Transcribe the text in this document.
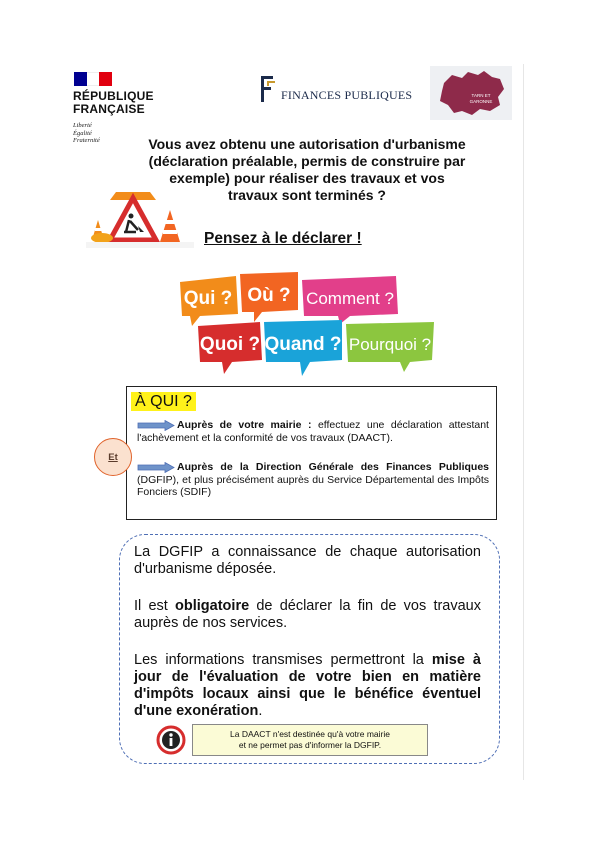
RÉPUBLIQUE
FRANÇAISE
Liberté
Égalité
Fraternité
FINANCES PUBLIQUES	TARN ET
GARONNE
Vous avez obtenu une autorisation d'urbanisme
(déclaration préalable, permis de construire par
exemple) pour réaliser des travaux et vos
travaux sont terminés ?
Pensez à le déclarer !
Qui ? Où ? Comment ?
Quoi ? Quand ? Pourquoi ?
À QUI ?
Auprès de votre mairie : effectuez une déclaration attestant l'achèvement et la conformité de vos travaux (DAACT).
Et
Auprès de la Direction Générale des Finances Publiques (DGFIP), et plus précisément auprès du Service Départemental des Impôts Fonciers (SDIF)
La DGFIP a connaissance de chaque autorisation d'urbanisme déposée.
Il est obligatoire de déclarer la fin de vos travaux auprès de nos services.
Les informations transmises permettront la mise à jour de l'évaluation de votre bien en matière d'impôts locaux ainsi que le bénéfice éventuel d'une exonération.
La DAACT n'est destinée qu'à votre mairie
et ne permet pas d'informer la DGFIP.
